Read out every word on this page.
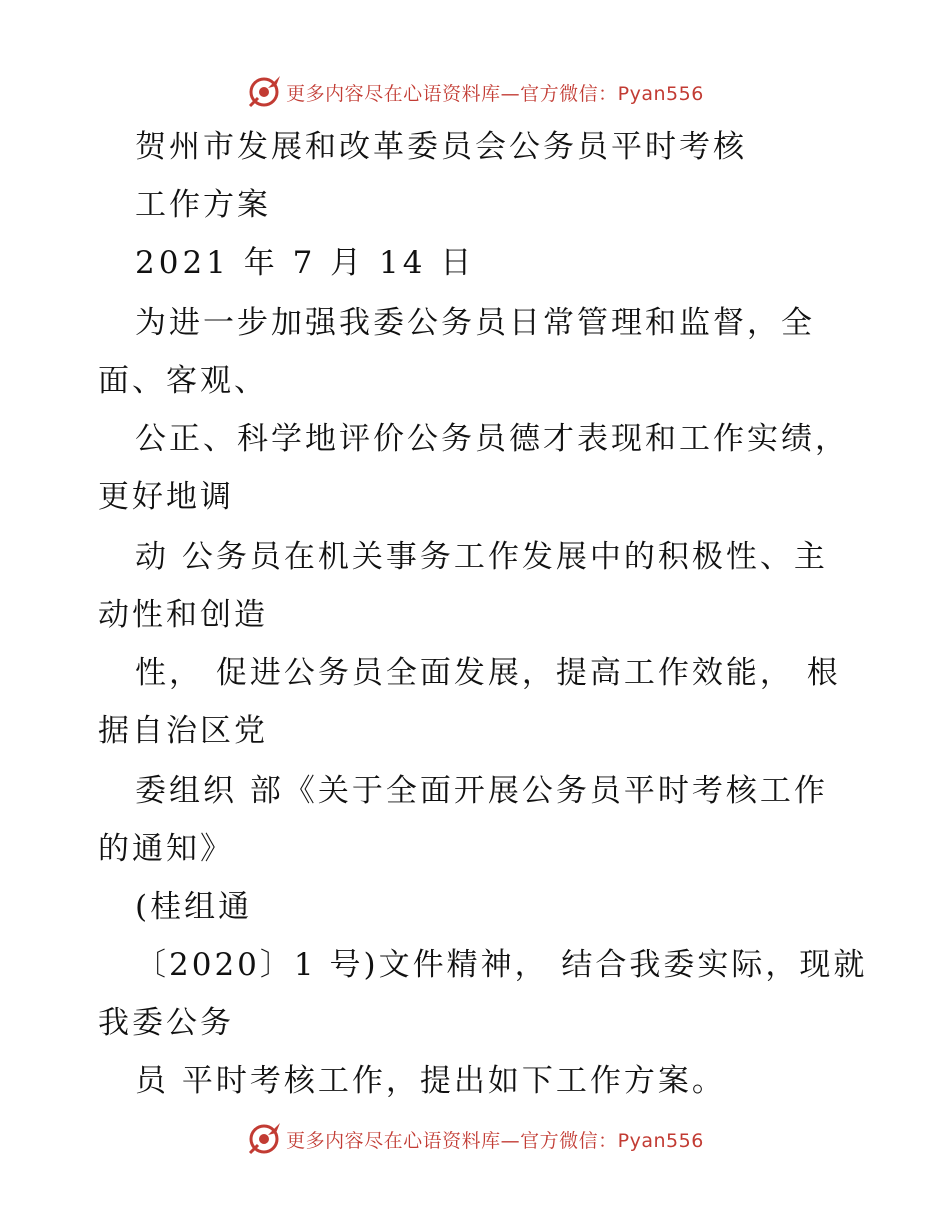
更多内容尽在心语资料库—官方微信：Pyan556
贺州市发展和改革委员会公务员平时考核
工作方案
2021 年 7 月 14 日
为进一步加强我委公务员日常管理和监督，全
面、客观、
公正、科学地评价公务员德才表现和工作实绩，
更好地调
动 公务员在机关事务工作发展中的积极性、主
动性和创造
性， 促进公务员全面发展，提高工作效能， 根
据自治区党
委组织 部《关于全面开展公务员平时考核工作
的通知》
(桂组通
〔2020〕1 号)文件精神， 结合我委实际，现就
我委公务
员 平时考核工作，提出如下工作方案。
更多内容尽在心语资料库—官方微信：Pyan556
